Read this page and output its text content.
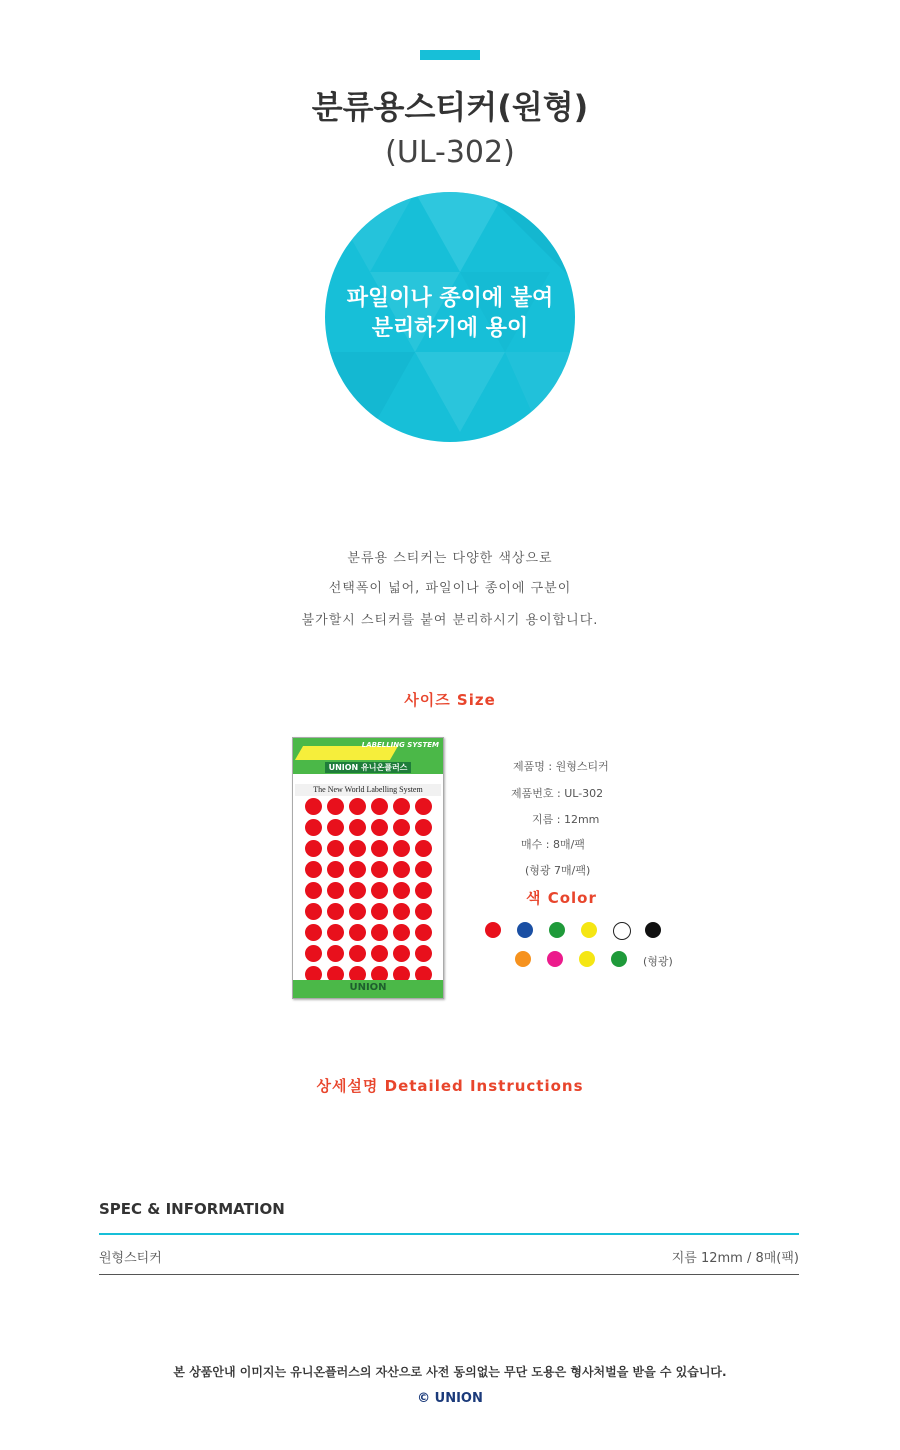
분류용스티커(원형)
(UL-302)
파일이나 종이에 붙여
분리하기에 용이
분류용 스티커는 다양한 색상으로
선택폭이 넓어, 파일이나 종이에 구분이
불가할시 스티커를 붙여 분리하시기 용이합니다.
사이즈 Size
LABELLING SYSTEM
UNION 유니온플러스
The New World Labelling System
UNION
제품명 : 원형스티커
제품번호 : UL-302
지름 : 12mm
매수 : 8매/팩
(형광 7매/팩)
색 Color
(형광)
상세설명 Detailed Instructions
SPEC & INFORMATION
원형스티커	지름 12mm / 8매(팩)
본 상품안내 이미지는 유니온플러스의 자산으로 사전 동의없는 무단 도용은 형사처벌을 받을 수 있습니다.
© UNION
